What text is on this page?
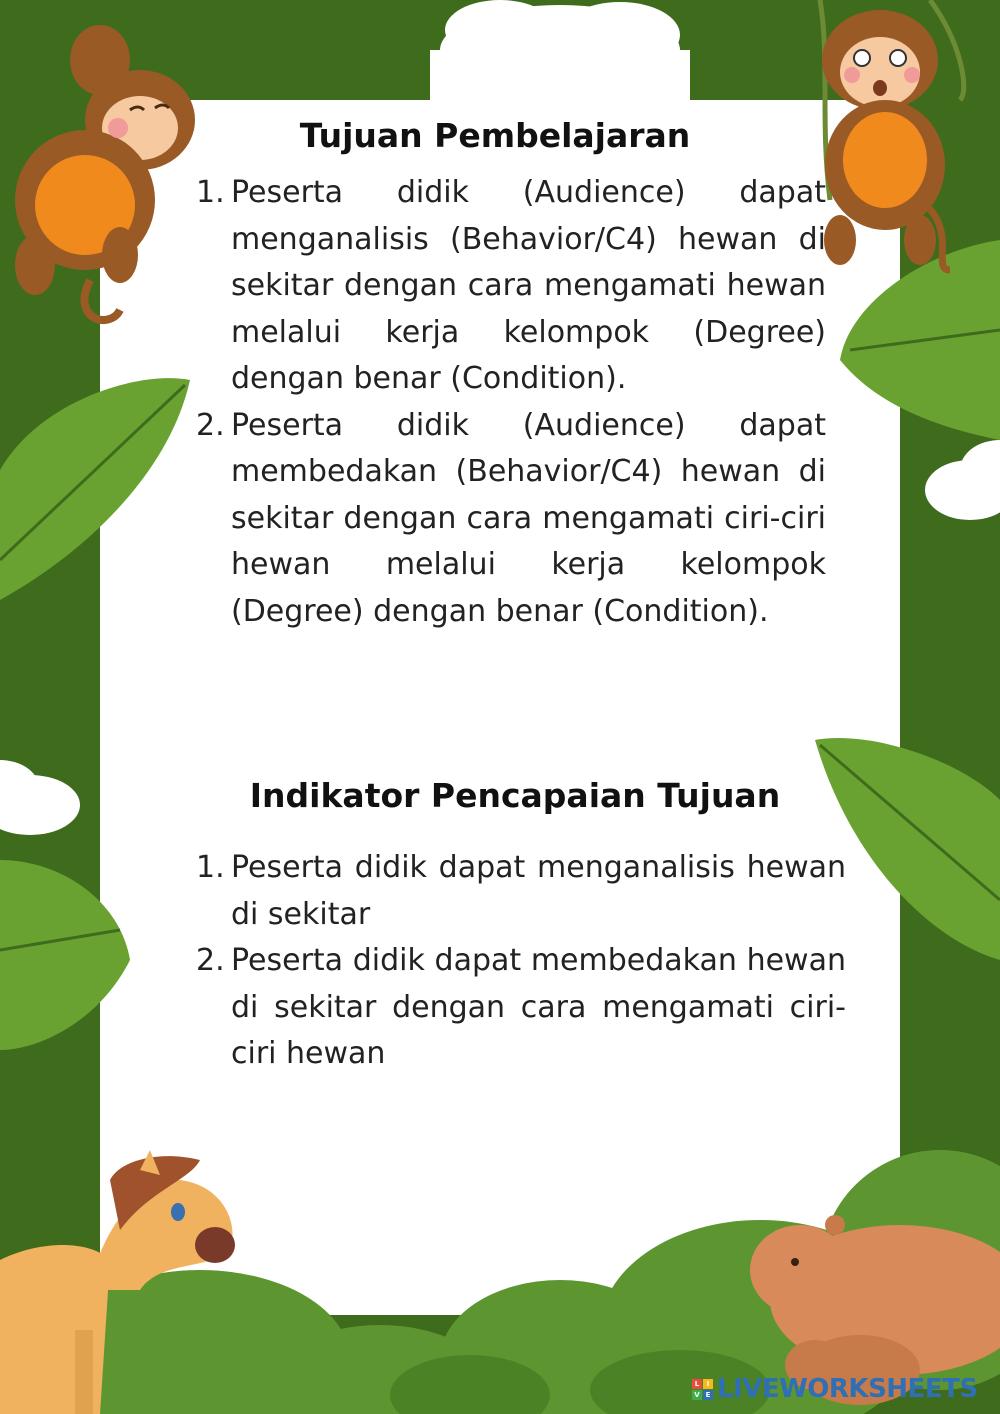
Tujuan Pembelajaran
1. Peserta didik (Audience) dapat menganalisis (Behavior/C4) hewan di sekitar dengan cara mengamati hewan melalui kerja kelompok (Degree) dengan benar (Condition).
2. Peserta didik (Audience) dapat membedakan (Behavior/C4) hewan di sekitar dengan cara mengamati ciri-ciri hewan melalui kerja kelompok (Degree) dengan benar (Condition).
Indikator Pencapaian Tujuan
1. Peserta didik dapat menganalisis hewan di sekitar
2. Peserta didik dapat membedakan hewan di sekitar dengan cara mengamati ciri-ciri hewan
L	I
V E LIVEWORKSHEETS
